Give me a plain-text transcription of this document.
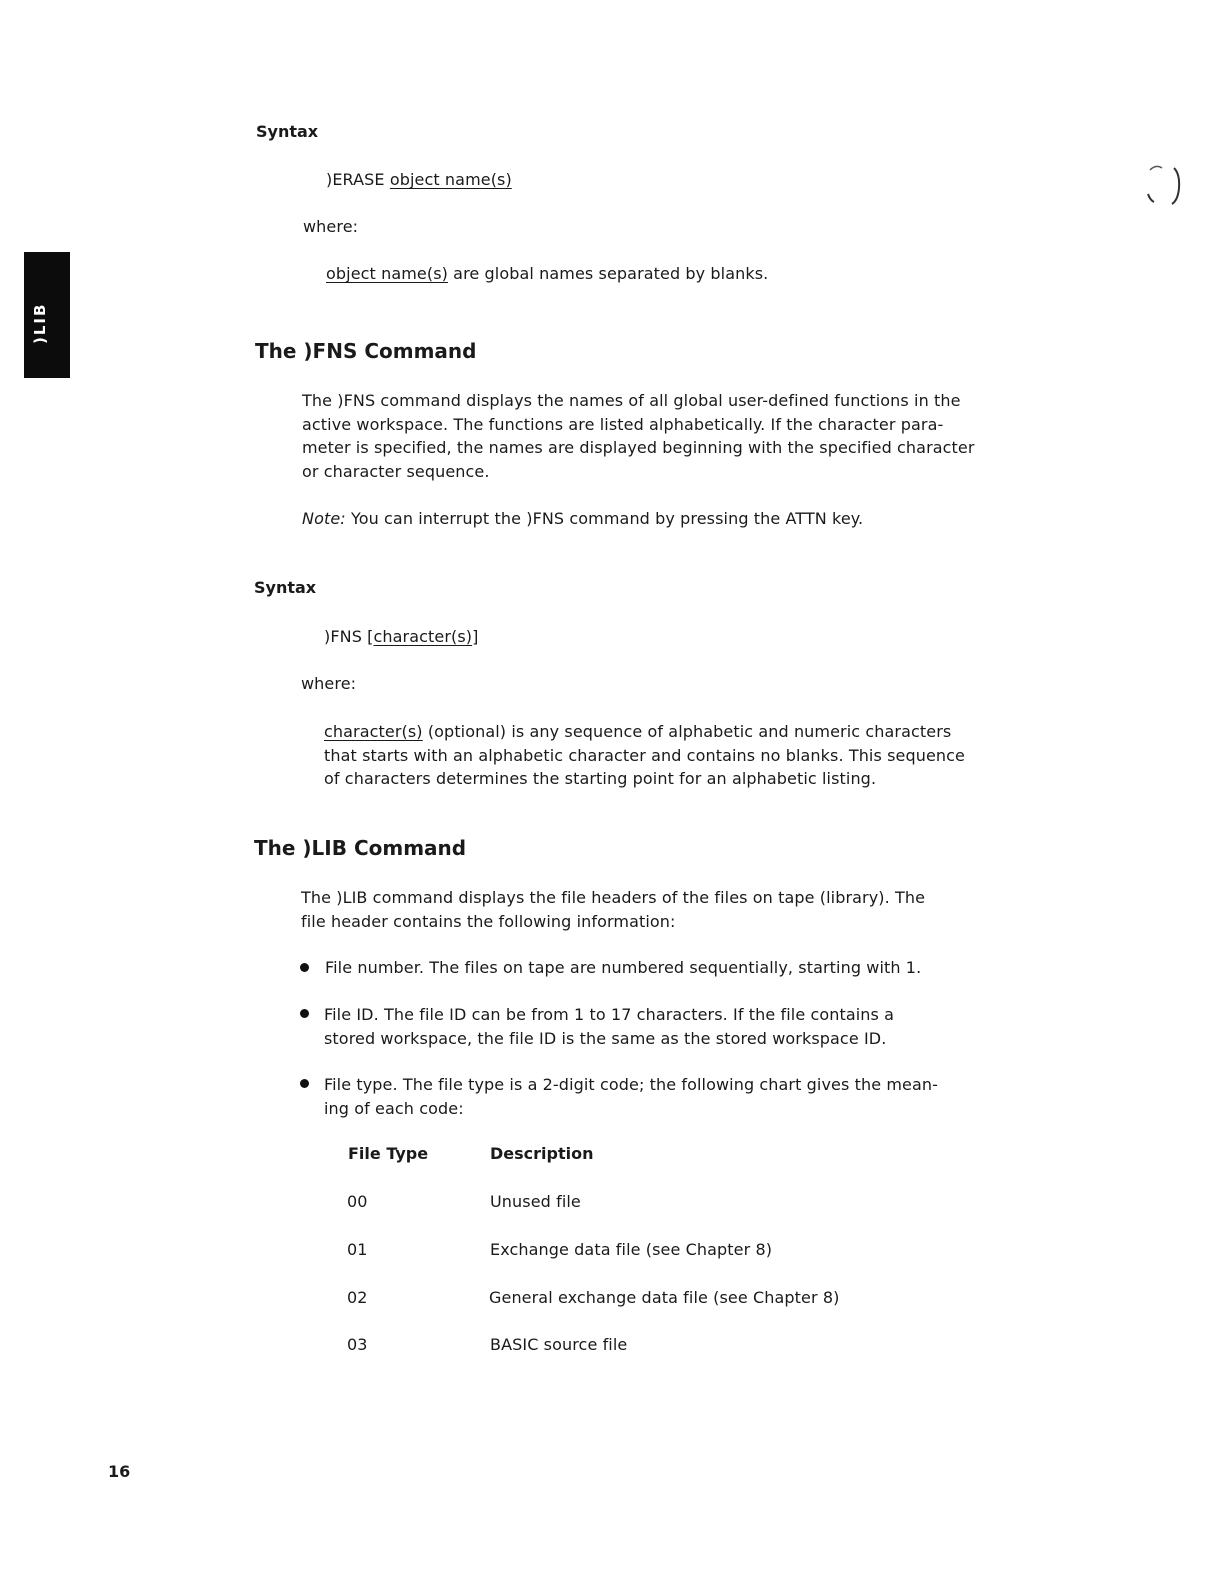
)LIB
Syntax
)ERASE object name(s)
where:
object name(s) are global names separated by blanks.
The )FNS Command
The )FNS command displays the names of all global user-defined functions in the
active workspace. The functions are listed alphabetically. If the character para-
meter is specified, the names are displayed beginning with the specified character
or character sequence.
Note: You can interrupt the )FNS command by pressing the ATTN key.
Syntax
)FNS [character(s)]
where:
character(s) (optional) is any sequence of alphabetic and numeric characters
that starts with an alphabetic character and contains no blanks. This sequence
of characters determines the starting point for an alphabetic listing.
The )LIB Command
The )LIB command displays the file headers of the files on tape (library). The
file header contains the following information:
File number. The files on tape are numbered sequentially, starting with 1.
File ID. The file ID can be from 1 to 17 characters. If the file contains a
stored workspace, the file ID is the same as the stored workspace ID.
File type. The file type is a 2-digit code; the following chart gives the mean-
ing of each code:
File Type	Description
00	Unused file
01	Exchange data file (see Chapter 8)
02	General exchange data file (see Chapter 8)
03	BASIC source file
16
